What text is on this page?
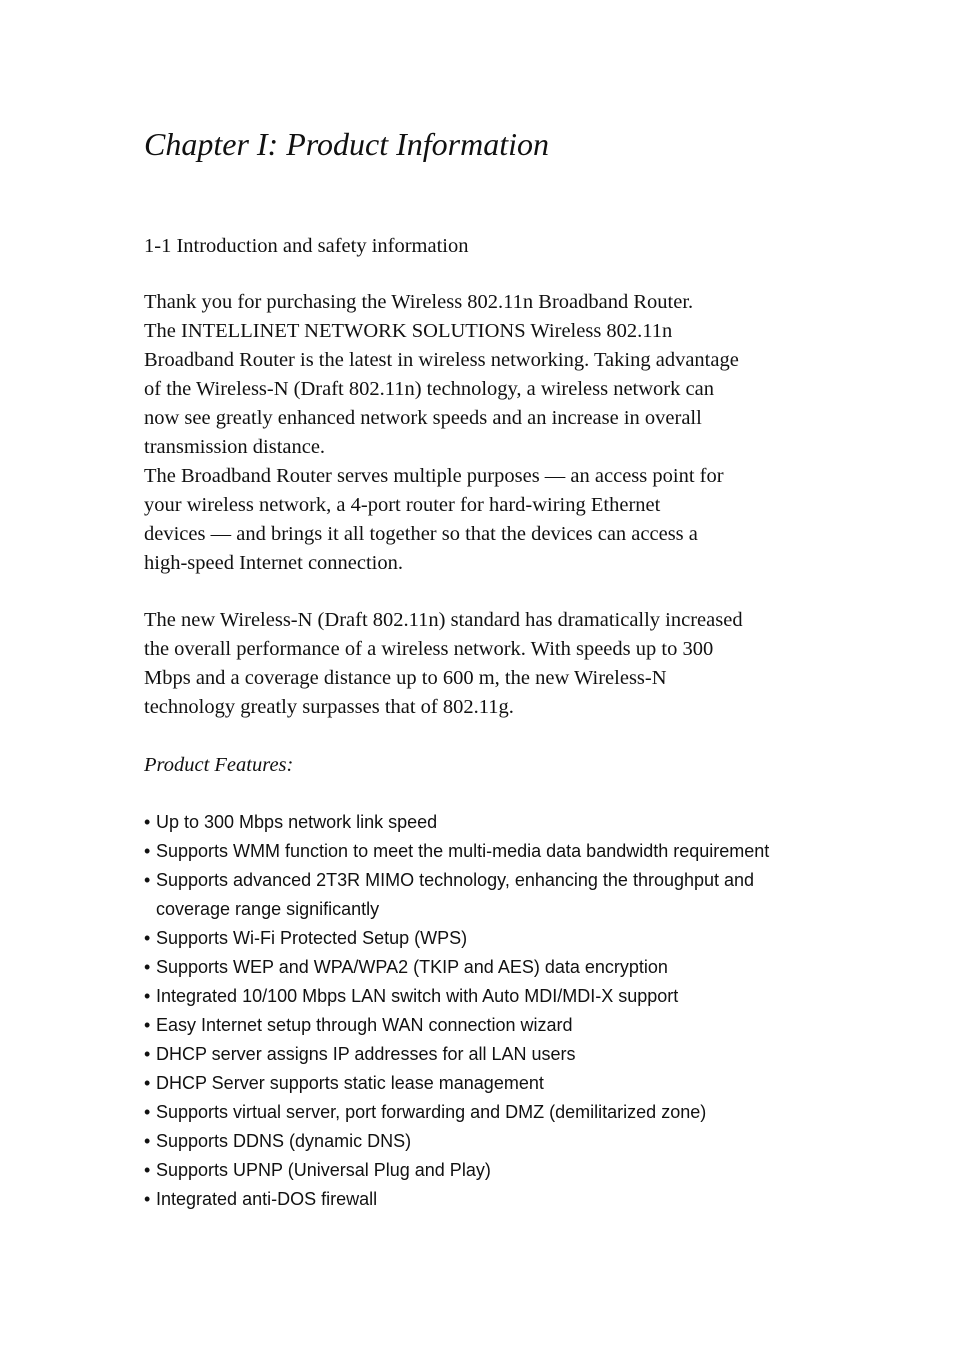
Chapter I: Product Information
1-1 Introduction and safety information
Thank you for purchasing the Wireless 802.11n Broadband Router.
The INTELLINET NETWORK SOLUTIONS Wireless 802.11n
Broadband Router is the latest in wireless networking. Taking advantage
of the Wireless-N (Draft 802.11n) technology, a wireless network can
now see greatly enhanced network speeds and an increase in overall
transmission distance.
The Broadband Router serves multiple purposes — an access point for
your wireless network, a 4-port router for hard-wiring Ethernet
devices — and brings it all together so that the devices can access a
high-speed Internet connection.
The new Wireless-N (Draft 802.11n) standard has dramatically increased
the overall performance of a wireless network. With speeds up to 300
Mbps and a coverage distance up to 600 m, the new Wireless-N
technology greatly surpasses that of 802.11g.
Product Features:
• Up to 300 Mbps network link speed
• Supports WMM function to meet the multi-media data bandwidth requirement
• Supports advanced 2T3R MIMO technology, enhancing the throughput and
coverage range significantly
• Supports Wi-Fi Protected Setup (WPS)
• Supports WEP and WPA/WPA2 (TKIP and AES) data encryption
• Integrated 10/100 Mbps LAN switch with Auto MDI/MDI-X support
• Easy Internet setup through WAN connection wizard
• DHCP server assigns IP addresses for all LAN users
• DHCP Server supports static lease management
• Supports virtual server, port forwarding and DMZ (demilitarized zone)
• Supports DDNS (dynamic DNS)
• Supports UPNP (Universal Plug and Play)
• Integrated anti-DOS firewall
